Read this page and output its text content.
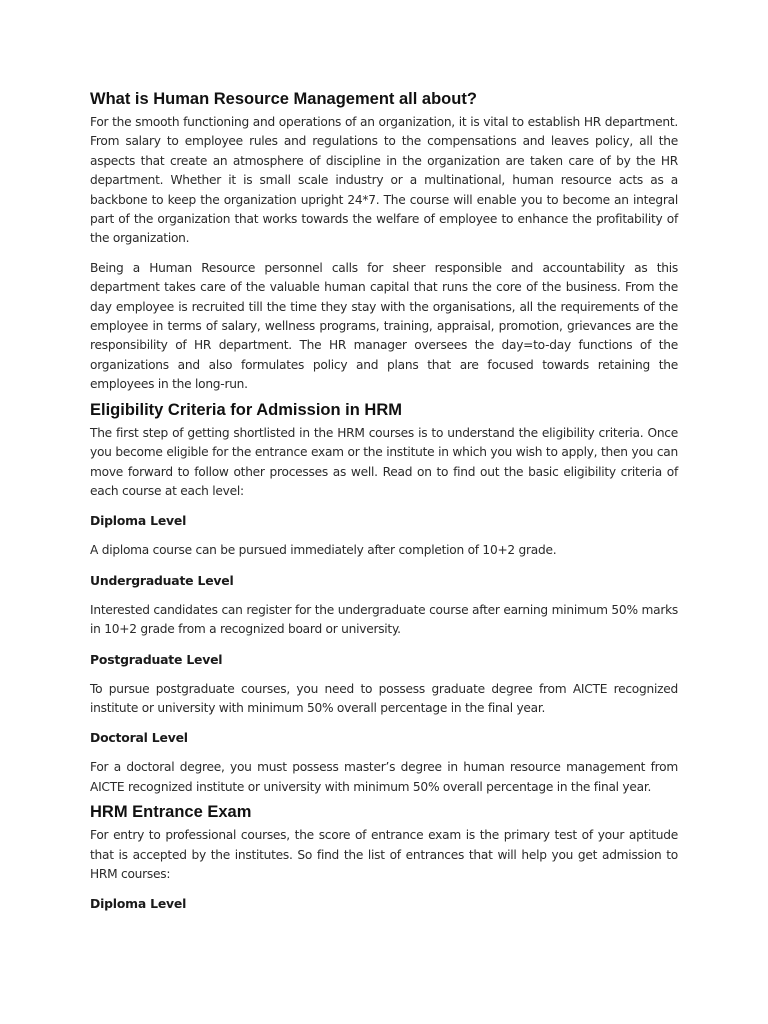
What is Human Resource Management all about?

For the smooth functioning and operations of an organization, it is vital to establish HR department. From salary to employee rules and regulations to the compensations and leaves policy, all the aspects that create an atmosphere of discipline in the organization are taken care of by the HR department. Whether it is small scale industry or a multinational, human resource acts as a backbone to keep the organization upright 24*7. The course will enable you to become an integral part of the organization that works towards the welfare of employee to enhance the profitability of the organization.

Being a Human Resource personnel calls for sheer responsible and accountability as this department takes care of the valuable human capital that runs the core of the business. From the day employee is recruited till the time they stay with the organisations, all the requirements of the employee in terms of salary, wellness programs, training, appraisal, promotion, grievances are the responsibility of HR department. The HR manager oversees the day=to-day functions of the organizations and also formulates policy and plans that are focused towards retaining the employees in the long-run.

Eligibility Criteria for Admission in HRM

The first step of getting shortlisted in the HRM courses is to understand the eligibility criteria. Once you become eligible for the entrance exam or the institute in which you wish to apply, then you can move forward to follow other processes as well. Read on to find out the basic eligibility criteria of each course at each level:

Diploma Level

A diploma course can be pursued immediately after completion of 10+2 grade.

Undergraduate Level

Interested candidates can register for the undergraduate course after earning minimum 50% marks in 10+2 grade from a recognized board or university.

Postgraduate Level

To pursue postgraduate courses, you need to possess graduate degree from AICTE recognized institute or university with minimum 50% overall percentage in the final year.

Doctoral Level

For a doctoral degree, you must possess master’s degree in human resource management from AICTE recognized institute or university with minimum 50% overall percentage in the final year.

HRM Entrance Exam

For entry to professional courses, the score of entrance exam is the primary test of your aptitude that is accepted by the institutes. So find the list of entrances that will help you get admission to HRM courses:

Diploma Level
